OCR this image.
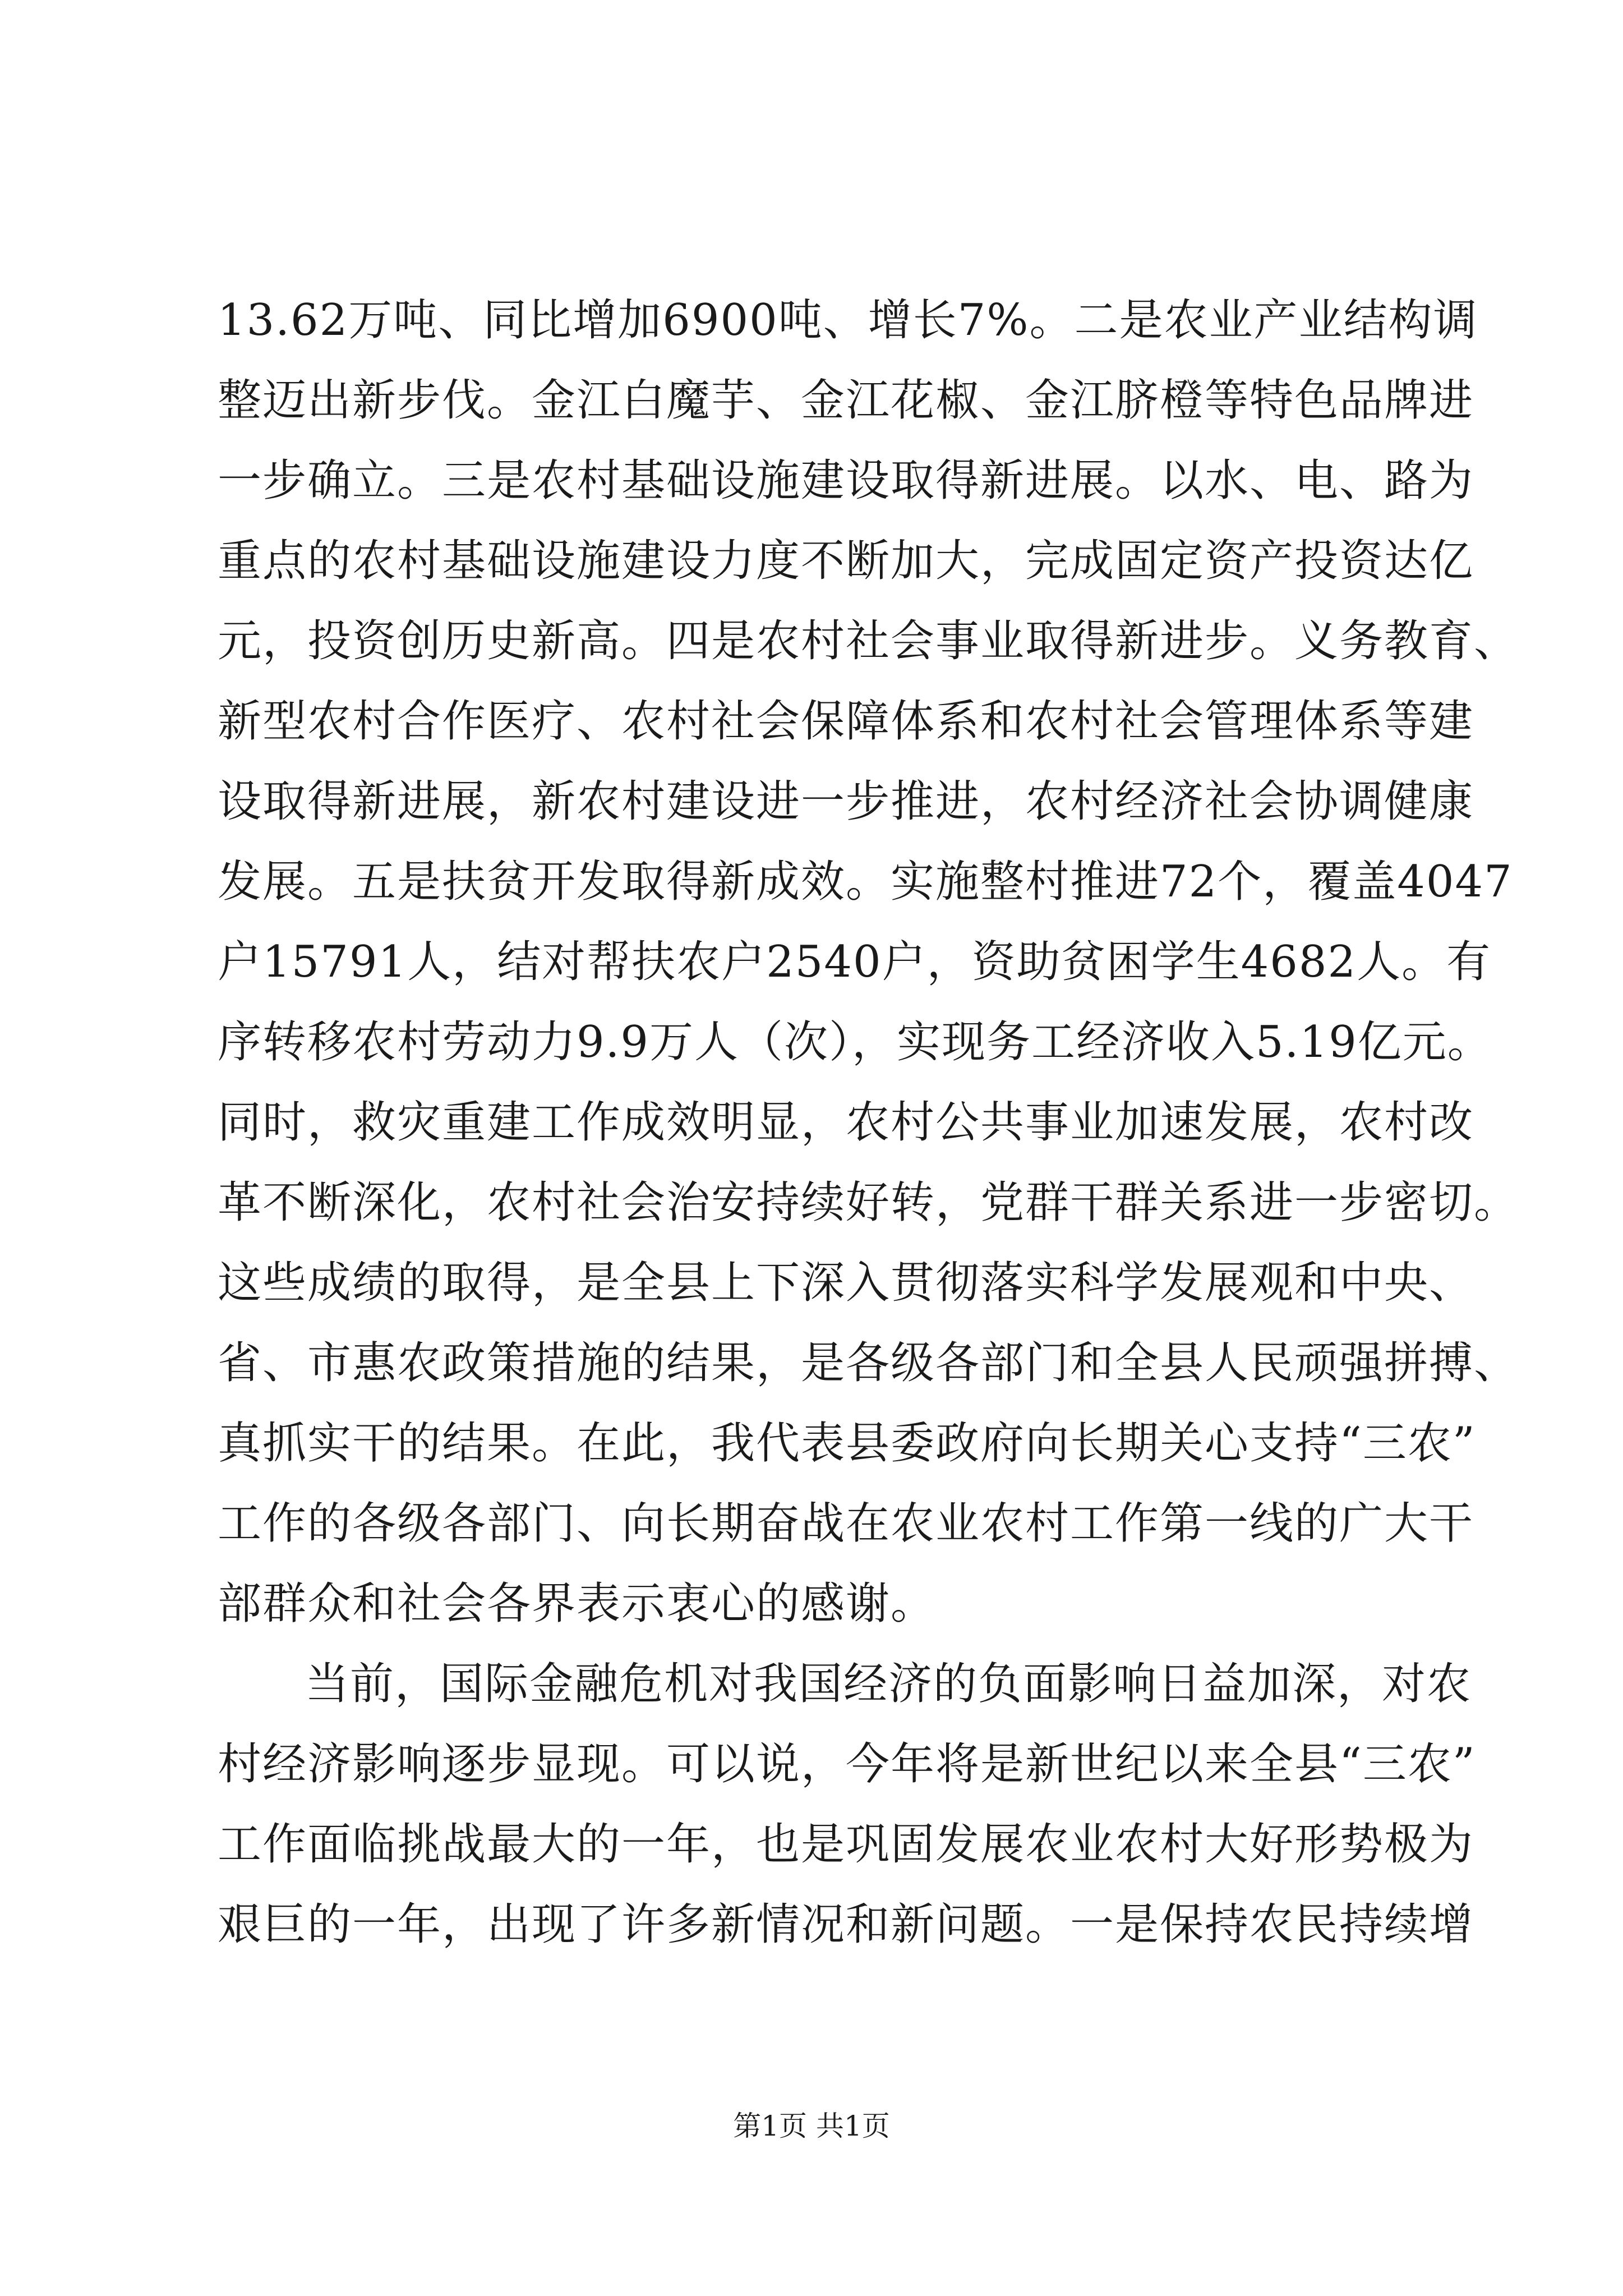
13.62万吨、同比增加6900吨、增长7%。二是农业产业结构调
整迈出新步伐。金江白魔芋、金江花椒、金江脐橙等特色品牌进
一步确立。三是农村基础设施建设取得新进展。以水、电、路为
重点的农村基础设施建设力度不断加大，完成固定资产投资达亿
元，投资创历史新高。四是农村社会事业取得新进步。义务教育、
新型农村合作医疗、农村社会保障体系和农村社会管理体系等建
设取得新进展，新农村建设进一步推进，农村经济社会协调健康
发展。五是扶贫开发取得新成效。实施整村推进72个，覆盖4047
户15791人，结对帮扶农户2540户，资助贫困学生4682人。有
序转移农村劳动力9.9万人（次），实现务工经济收入5.19亿元。
同时，救灾重建工作成效明显，农村公共事业加速发展，农村改
革不断深化，农村社会治安持续好转，党群干群关系进一步密切。
这些成绩的取得，是全县上下深入贯彻落实科学发展观和中央、
省、市惠农政策措施的结果，是各级各部门和全县人民顽强拼搏、
真抓实干的结果。在此，我代表县委政府向长期关心支持“三农”
工作的各级各部门、向长期奋战在农业农村工作第一线的广大干
部群众和社会各界表示衷心的感谢。
当前，国际金融危机对我国经济的负面影响日益加深，对农
村经济影响逐步显现。可以说，今年将是新世纪以来全县“三农”
工作面临挑战最大的一年，也是巩固发展农业农村大好形势极为
艰巨的一年，出现了许多新情况和新问题。一是保持农民持续增
第1页 共1页
